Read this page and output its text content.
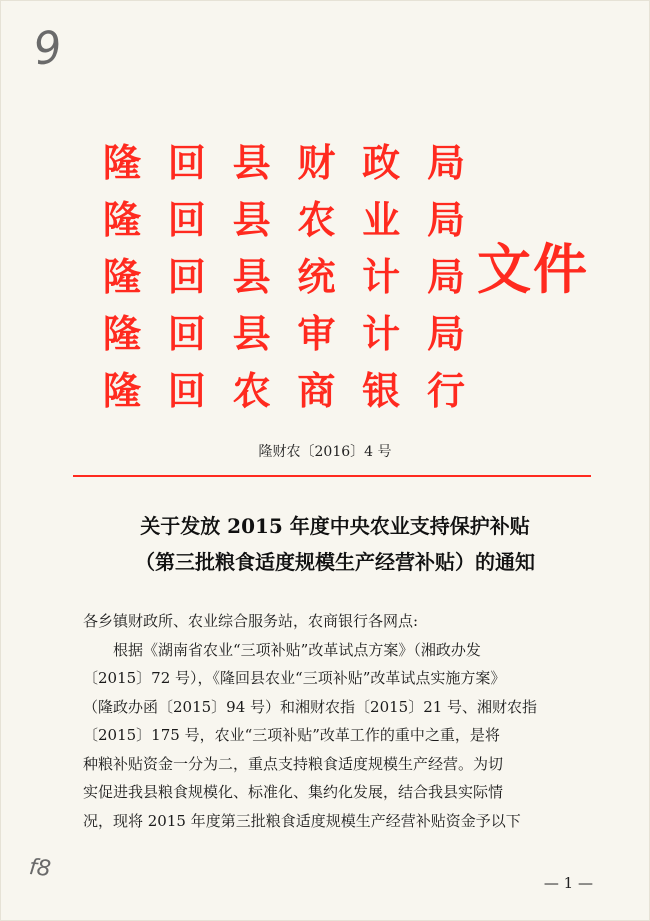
9
隆 回 县 财 政 局
隆 回 县 农 业 局
隆 回 县 统 计 局
隆 回 县 审 计 局
隆 回 农 商 银 行
文件
隆财农〔2016〕4 号
关于发放 2015 年度中央农业支持保护补贴
（第三批粮食适度规模生产经营补贴）的通知

各乡镇财政所、农业综合服务站，农商银行各网点:

根据《湖南省农业“三项补贴”改革试点方案》（湘政办发

〔2015〕72 号），《隆回县农业“三项补贴”改革试点实施方案》

（隆政办函〔2015〕94 号）和湘财农指〔2015〕21 号、湘财农指

〔2015〕175 号，农业“三项补贴”改革工作的重中之重，是将

种粮补贴资金一分为二，重点支持粮食适度规模生产经营。为切

实促进我县粮食规模化、标准化、集约化发展，结合我县实际情

况，现将 2015 年度第三批粮食适度规模生产经营补贴资金予以下

f8
— 1 —
